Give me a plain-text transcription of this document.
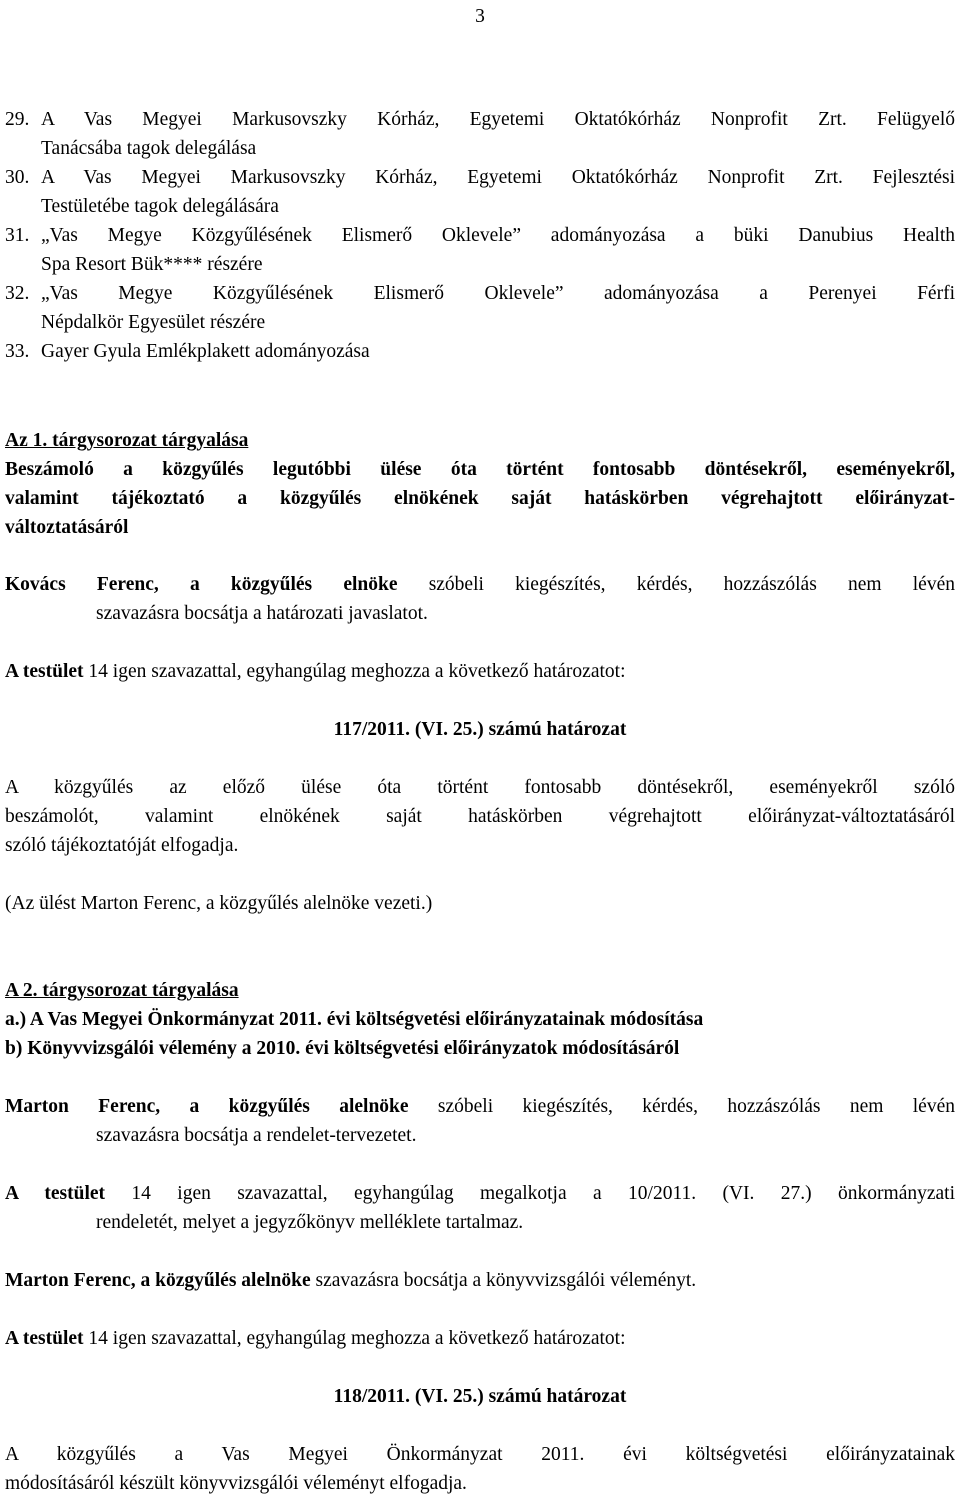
3
29. A Vas Megyei Markusovszky Kórház, Egyetemi Oktatókórház Nonprofit Zrt. Felügyelő
Tanácsába tagok delegálása
30. A Vas Megyei Markusovszky Kórház, Egyetemi Oktatókórház Nonprofit Zrt. Fejlesztési
Testületébe tagok delegálására
31. „Vas Megye Közgyűlésének Elismerő Oklevele” adományozása a büki Danubius Health
Spa Resort Bük**** részére
32. „Vas Megye Közgyűlésének Elismerő Oklevele” adományozása a Perenyei Férfi
Népdalkör Egyesület részére
33. Gayer Gyula Emlékplakett adományozása
Az 1. tárgysorozat tárgyalása
Beszámoló a közgyűlés legutóbbi ülése óta történt fontosabb döntésekről, eseményekről,
valamint tájékoztató a közgyűlés elnökének saját hatáskörben végrehajtott előirányzat-
változtatásáról
Kovács Ferenc, a közgyűlés elnöke szóbeli kiegészítés, kérdés, hozzászólás nem lévén
szavazásra bocsátja a határozati javaslatot.
A testület 14 igen szavazattal, egyhangúlag meghozza a következő határozatot:
117/2011. (VI. 25.) számú határozat
A közgyűlés az előző ülése óta történt fontosabb döntésekről, eseményekről szóló
beszámolót, valamint elnökének saját hatáskörben végrehajtott előirányzat-változtatásáról
szóló tájékoztatóját elfogadja.
(Az ülést Marton Ferenc, a közgyűlés alelnöke vezeti.)
A 2. tárgysorozat tárgyalása
a.) A Vas Megyei Önkormányzat 2011. évi költségvetési előirányzatainak módosítása
b) Könyvvizsgálói vélemény a 2010. évi költségvetési előirányzatok módosításáról
Marton Ferenc, a közgyűlés alelnöke szóbeli kiegészítés, kérdés, hozzászólás nem lévén
szavazásra bocsátja a rendelet-tervezetet.
A testület 14 igen szavazattal, egyhangúlag megalkotja a 10/2011. (VI. 27.) önkormányzati
rendeletét, melyet a jegyzőkönyv melléklete tartalmaz.
Marton Ferenc, a közgyűlés alelnöke szavazásra bocsátja a könyvvizsgálói véleményt.
A testület 14 igen szavazattal, egyhangúlag meghozza a következő határozatot:
118/2011. (VI. 25.) számú határozat
A közgyűlés a Vas Megyei Önkormányzat 2011. évi költségvetési előirányzatainak
módosításáról készült könyvvizsgálói véleményt elfogadja.
